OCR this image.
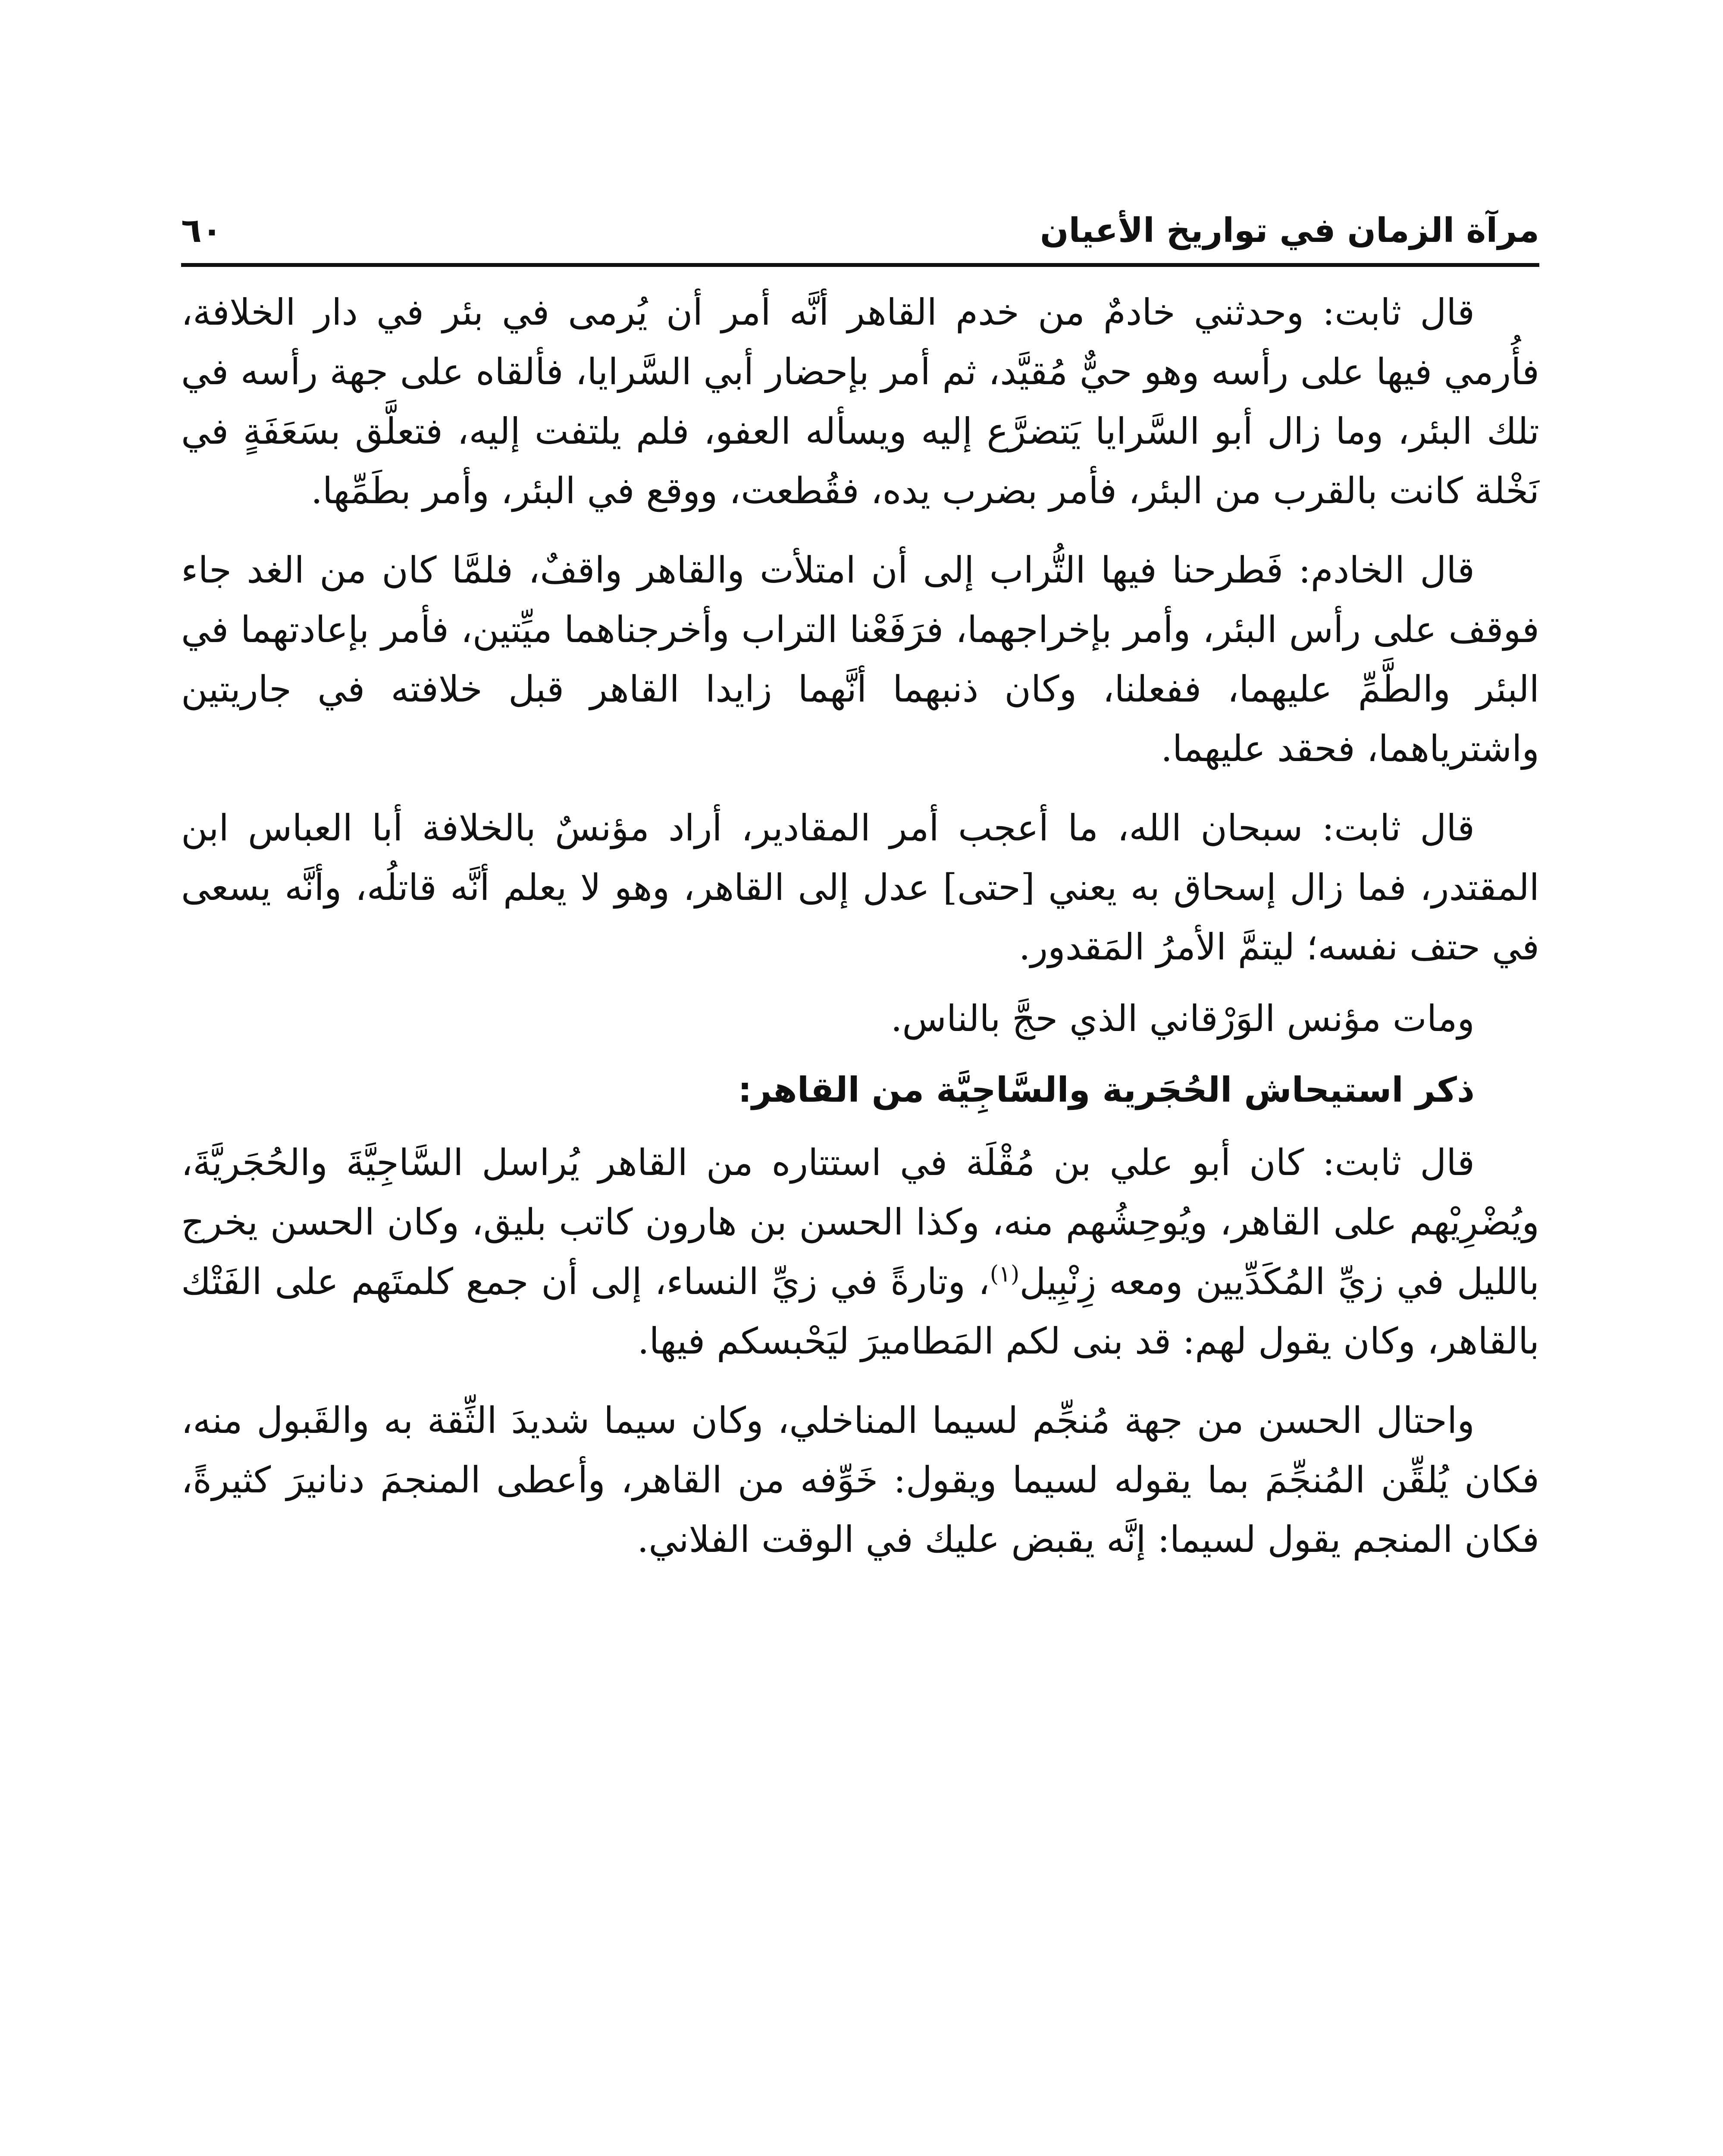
مرآة الزمان في تواريخ الأعيان
٦٠

قال ثابت: وحدثني خادمٌ من خدم القاهر أنَّه أمر أن يُرمى في بئر في دار الخلافة، فأُرمي فيها على رأسه وهو حيٌّ مُقيَّد، ثم أمر بإحضار أبي السَّرايا، فألقاه على جهة رأسه في تلك البئر، وما زال أبو السَّرايا يَتضرَّع إليه ويسأله العفو، فلم يلتفت إليه، فتعلَّق بسَعَفَةٍ في نَخْلة كانت بالقرب من البئر، فأمر بضرب يده، فقُطعت، ووقع في البئر، وأمر بطَمِّها.

قال الخادم: فَطرحنا فيها التُّراب إلى أن امتلأت والقاهر واقفٌ، فلمَّا كان من الغد جاء فوقف على رأس البئر، وأمر بإخراجهما، فرَفَعْنا التراب وأخرجناهما ميِّتين، فأمر بإعادتهما في البئر والطَّمِّ عليهما، ففعلنا، وكان ذنبهما أنَّهما زايدا القاهر قبل خلافته في جاريتين واشترياهما، فحقد عليهما.

قال ثابت: سبحان الله، ما أعجب أمر المقادير، أراد مؤنسٌ بالخلافة أبا العباس ابن المقتدر، فما زال إسحاق به يعني [حتى] عدل إلى القاهر، وهو لا يعلم أنَّه قاتلُه، وأنَّه يسعى في حتف نفسه؛ ليتمَّ الأمرُ المَقدور.

ومات مؤنس الوَرْقاني الذي حجَّ بالناس.

ذكر استيحاش الحُجَرية والسَّاجِيَّة من القاهر:

قال ثابت: كان أبو علي بن مُقْلَة في استتاره من القاهر يُراسل السَّاجِيَّةَ والحُجَريَّةَ، ويُضْرِيْهم على القاهر، ويُوحِشُهم منه، وكذا الحسن بن هارون كاتب بليق، وكان الحسن يخرج بالليل في زيِّ المُكَدِّيين ومعه زِنْبِيل$^{(١)}$، وتارةً في زيِّ النساء، إلى أن جمع كلمتَهم على الفَتْك بالقاهر، وكان يقول لهم: قد بنى لكم المَطاميرَ ليَحْبسكم فيها.

واحتال الحسن من جهة مُنجِّم لسيما المناخلي، وكان سيما شديدَ الثِّقة به والقَبول منه، فكان يُلقِّن المُنجِّمَ بما يقوله لسيما ويقول: خَوِّفه من القاهر، وأعطى المنجمَ دنانيرَ كثيرةً، فكان المنجم يقول لسيما: إنَّه يقبض عليك في الوقت الفلاني.
